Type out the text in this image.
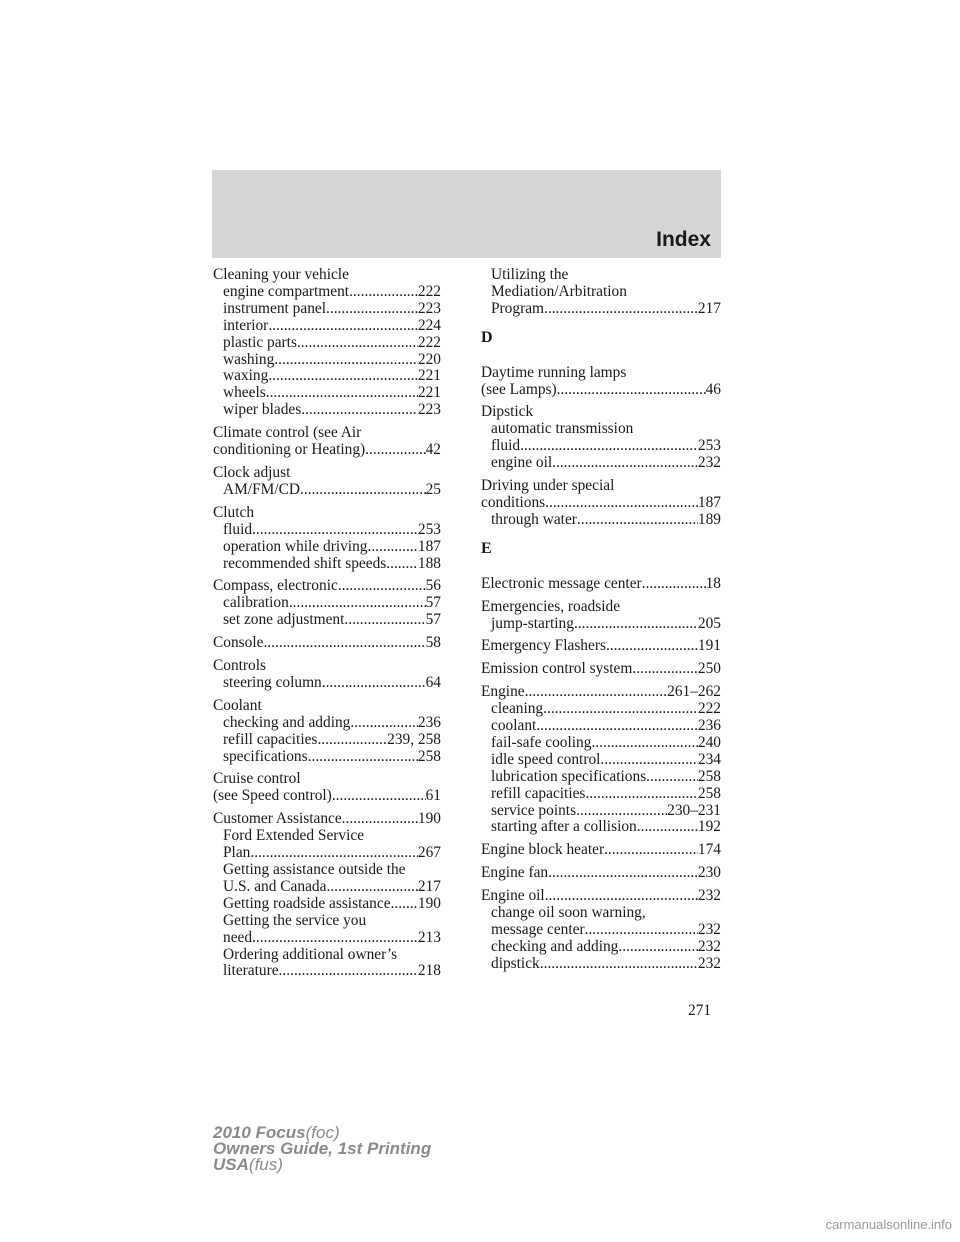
Index
Cleaning your vehicle
engine compartment .....	222
instrument panel .....	223
interior .....	224
plastic parts .....	222
washing .....	220
waxing .....	221
wheels .....	221
wiper blades .....	223
Climate control (see Air
conditioning or Heating) .....	42
Clock adjust
AM/FM/CD .....	25
Clutch
fluid .....	253
operation while driving .....	187
recommended shift speeds ..... 188
Compass, electronic .....	56
calibration .....	57
set zone adjustment .....	57
Console .....	58
Controls
steering column .....	64
Coolant
checking and adding .....	236
refill capacities .....	239, 258
specifications .....	258
Cruise control
(see Speed control) .....	61
Customer Assistance .....	190
Ford Extended Service
Plan .....	267
Getting assistance outside the
U.S. and Canada .....	217
Getting roadside assistance ..... 190
Getting the service you
need .....	213
Ordering additional owner’s
literature .....	218
Utilizing the
Mediation/Arbitration
Program .....	217
D
Daytime running lamps
(see Lamps) .....	46
Dipstick
automatic transmission
fluid .....	253
engine oil .....	232
Driving under special
conditions .....	187
through water .....	189
E
Electronic message center .....	18
Emergencies, roadside
jump-starting .....	205
Emergency Flashers .....	191
Emission control system .....	250
Engine .....	261–262
cleaning .....	222
coolant .....	236
fail-safe cooling .....	240
idle speed control .....	234
lubrication specifications .....	258
refill capacities .....	258
service points .....	230–231
starting after a collision .....	192
Engine block heater .....	174
Engine fan .....	230
Engine oil .....	232
change oil soon warning,
message center .....	232
checking and adding .....	232
dipstick .....	232
271
2010 Focus(foc)
Owners Guide, 1st Printing
USA(fus)
carmanualsonline.info
